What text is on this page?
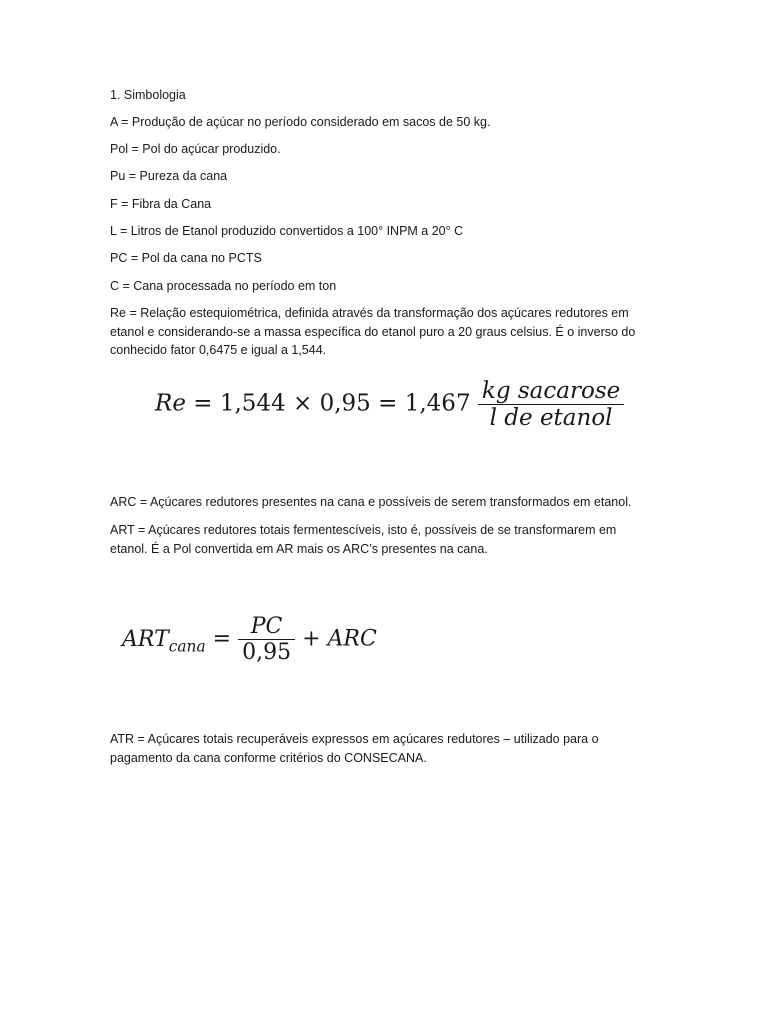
1. Simbologia

A = Produção de açúcar no período considerado em sacos de 50 kg.

Pol = Pol do açúcar produzido.

Pu = Pureza da cana

F = Fibra da Cana

L = Litros de Etanol produzido convertidos a 100° INPM a 20° C

PC = Pol da cana no PCTS

C = Cana processada no período em ton

Re = Relação estequiométrica, definida através da transformação dos açúcares redutores em
etanol e considerando-se a massa específica do etanol puro a 20 graus celsius. É o inverso do
conhecido fator 0,6475 e igual a 1,544.

$Re = 1,544 \times 0,95 = 1,467 \frac{\text{kg sacarose}}{\text{l de etanol}}$

ARC = Açúcares redutores presentes na cana e possíveis de serem transformados em etanol.

ART = Açúcares redutores totais fermentescíveis, isto é, possíveis de se transformarem em
etanol. É a Pol convertida em AR mais os ARC’s presentes na cana.

$ART_{cana} = \frac{PC}{0,95}$ + ARC

ATR = Açúcares totais recuperáveis expressos em açúcares redutores – utilizado para o
pagamento da cana conforme critérios do CONSECANA.
